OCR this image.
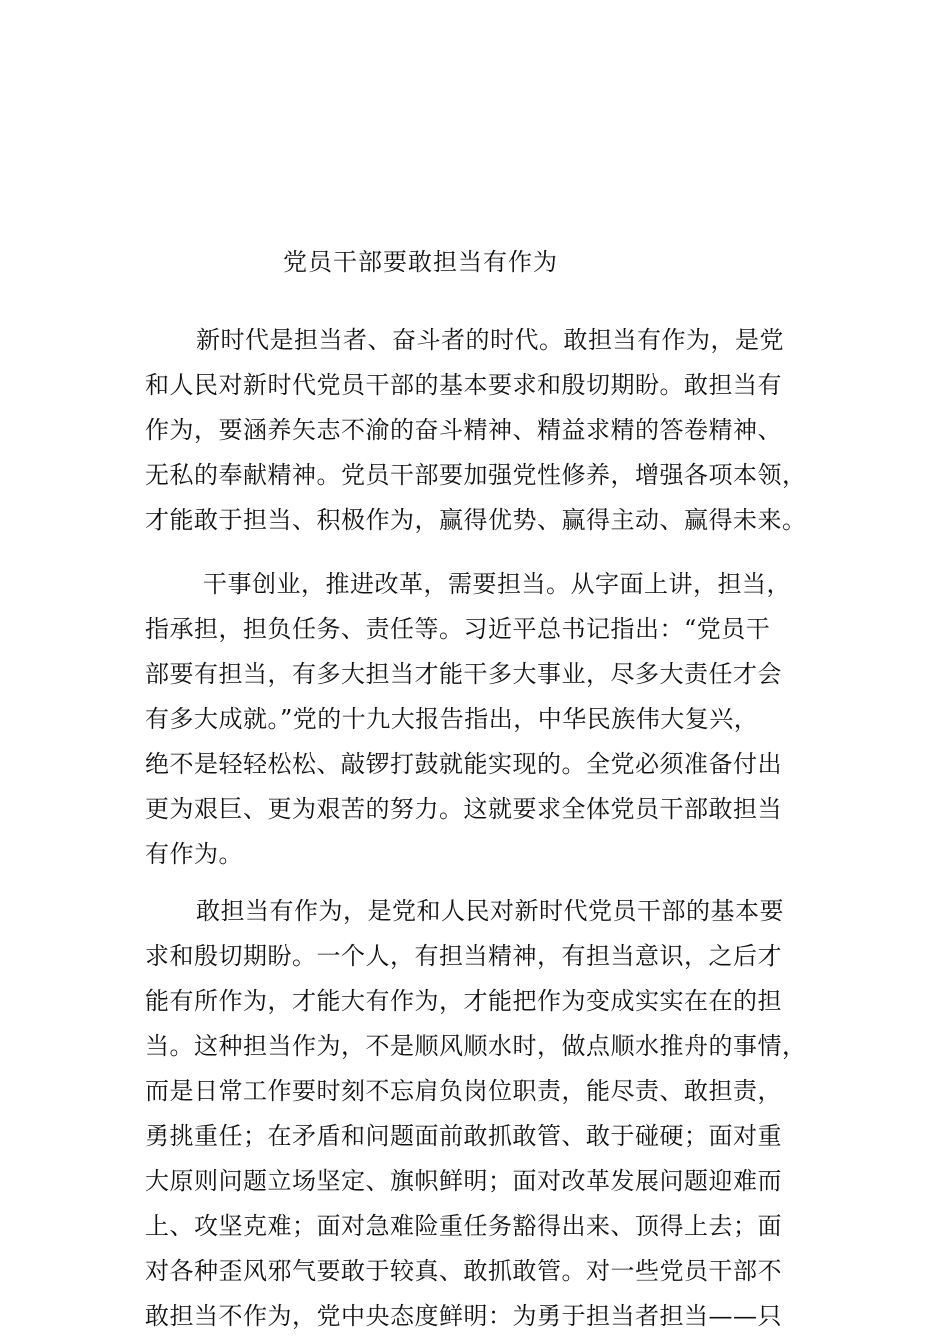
党员干部要敢担当有作为
新时代是担当者、奋斗者的时代。敢担当有作为，是党
和人民对新时代党员干部的基本要求和殷切期盼。敢担当有
作为，要涵养矢志不渝的奋斗精神、精益求精的答卷精神、
无私的奉献精神。党员干部要加强党性修养，增强各项本领，
才能敢于担当、积极作为，赢得优势、赢得主动、赢得未来。
干事创业，推进改革，需要担当。从字面上讲，担当，
指承担，担负任务、责任等。习近平总书记指出：“党员干
部要有担当，有多大担当才能干多大事业，尽多大责任才会
有多大成就。”党的十九大报告指出，中华民族伟大复兴，
绝不是轻轻松松、敲锣打鼓就能实现的。全党必须准备付出
更为艰巨、更为艰苦的努力。这就要求全体党员干部敢担当
有作为。
敢担当有作为，是党和人民对新时代党员干部的基本要
求和殷切期盼。一个人，有担当精神，有担当意识，之后才
能有所作为，才能大有作为，才能把作为变成实实在在的担
当。这种担当作为，不是顺风顺水时，做点顺水推舟的事情，
而是日常工作要时刻不忘肩负岗位职责，能尽责、敢担责，
勇挑重任；在矛盾和问题面前敢抓敢管、敢于碰硬；面对重
大原则问题立场坚定、旗帜鲜明；面对改革发展问题迎难而
上、攻坚克难；面对急难险重任务豁得出来、顶得上去；面
对各种歪风邪气要敢于较真、敢抓敢管。对一些党员干部不
敢担当不作为，党中央态度鲜明：为勇于担当者担当——只
